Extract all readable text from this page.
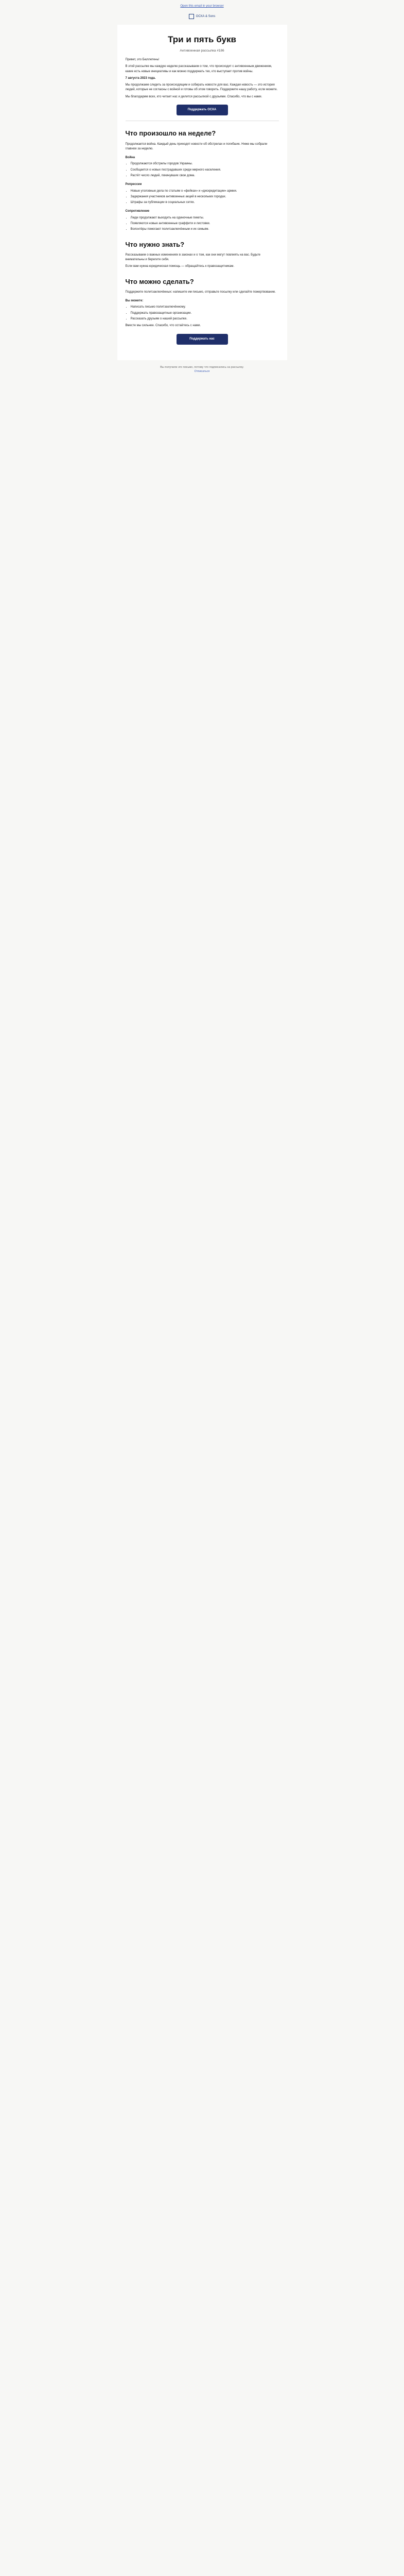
Open this email in your browser
ОСХА & Sons
Три и пять букв
Антивоенная рассылка #186

Привет, это Бюллетень!

В этой рассылке мы каждую неделю рассказываем о том, что происходит с антивоенным движением, какие есть новые инициативы и как можно поддержать тех, кто выступает против войны.

7 августа 2023 года.

Мы продолжаем следить за происходящим и собирать новости для вас. Каждая новость — это история людей, которые не согласны с войной и готовы об этом говорить. Поддержите нашу работу, если можете.

Мы благодарим всех, кто читает нас и делится рассылкой с друзьями. Спасибо, что вы с нами.

Поддержать ОСХА
Что произошло на неделе?

Продолжается война. Каждый день приходят новости об обстрелах и погибших. Ниже мы собрали главное за неделю.

Война
• Продолжаются обстрелы городов Украины.
• Сообщается о новых пострадавших среди мирного населения.
• Растёт число людей, покинувших свои дома.
Репрессии
• Новые уголовные дела по статьям о «фейках» и «дискредитации» армии.
• Задержания участников антивоенных акций в нескольких городах.
• Штрафы за публикации в социальных сетях.
Сопротивление
• Люди продолжают выходить на одиночные пикеты.
• Появляются новые антивоенные граффити и листовки.
• Волонтёры помогают политзаключённым и их семьям.
Что нужно знать?

Рассказываем о важных изменениях в законах и о том, как они могут повлиять на вас. Будьте внимательны и берегите себя.

Если вам нужна юридическая помощь — обращайтесь к правозащитникам.

Что можно сделать?

Поддержите политзаключённых: напишите им письмо, отправьте посылку или сделайте пожертвование.

Вы можете:
• Написать письмо политзаключённому.
• Поддержать правозащитные организации.
• Рассказать друзьям о нашей рассылке.

Вместе мы сильнее. Спасибо, что остаётесь с нами.

Поддержать нас
Вы получили это письмо, потому что подписались на рассылку.
Отписаться
